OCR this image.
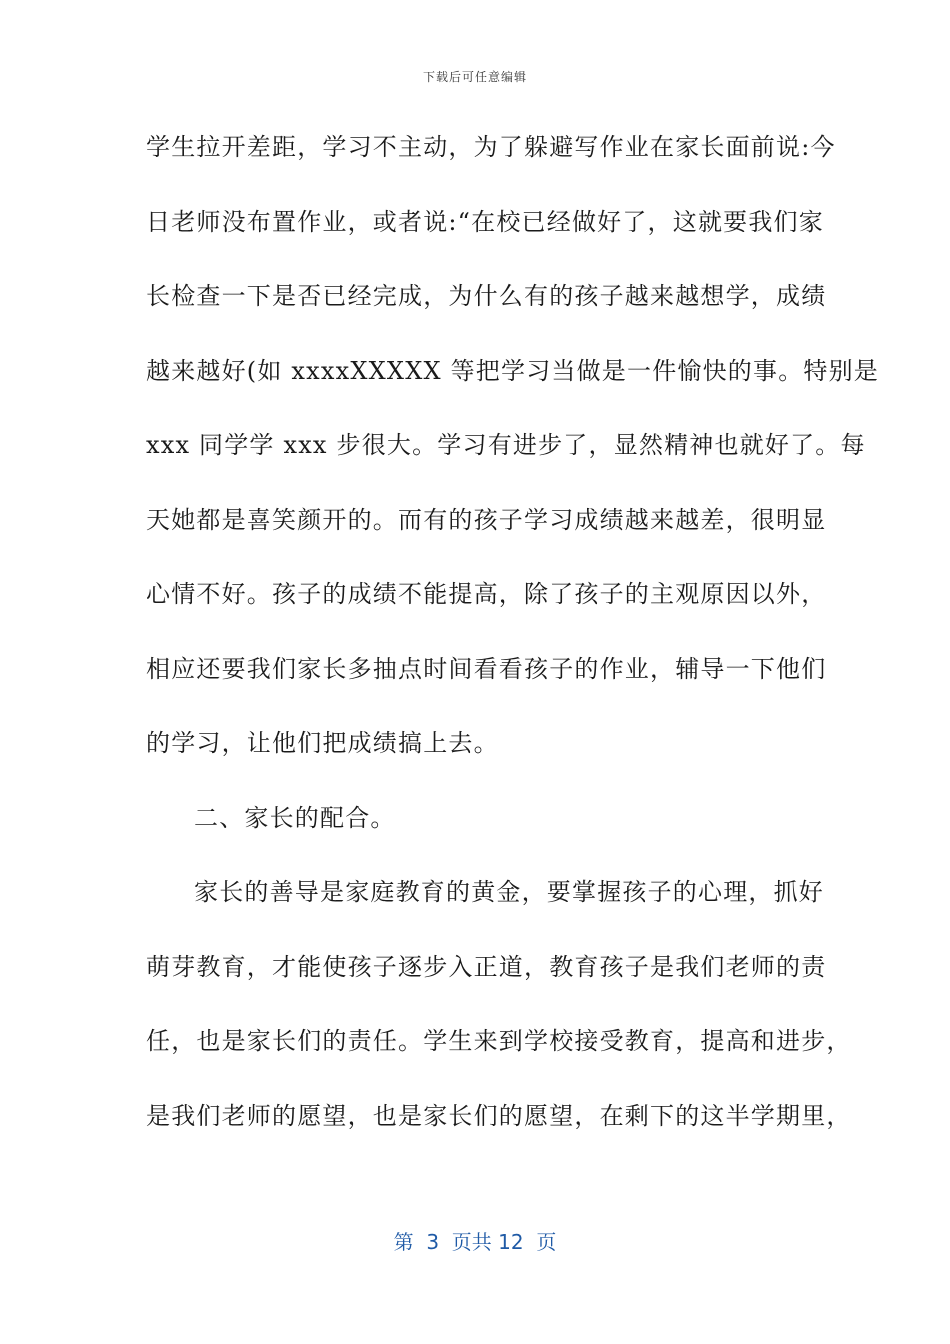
下载后可任意编辑
学生拉开差距，学习不主动，为了躲避写作业在家长面前说:今
日老师没布置作业，或者说:“在校已经做好了，这就要我们家
长检查一下是否已经完成，为什么有的孩子越来越想学，成绩
越来越好(如 xxxxXXXXX 等把学习当做是一件愉快的事。特别是
xxx 同学学 xxx 步很大。学习有进步了，显然精神也就好了。每
天她都是喜笑颜开的。而有的孩子学习成绩越来越差，很明显
心情不好。孩子的成绩不能提高，除了孩子的主观原因以外，
相应还要我们家长多抽点时间看看孩子的作业，辅导一下他们
的学习，让他们把成绩搞上去。
二、家长的配合。
家长的善导是家庭教育的黄金，要掌握孩子的心理，抓好
萌芽教育，才能使孩子逐步入正道，教育孩子是我们老师的责
任，也是家长们的责任。学生来到学校接受教育，提高和进步，
是我们老师的愿望，也是家长们的愿望，在剩下的这半学期里，
第  3  页共 12  页
